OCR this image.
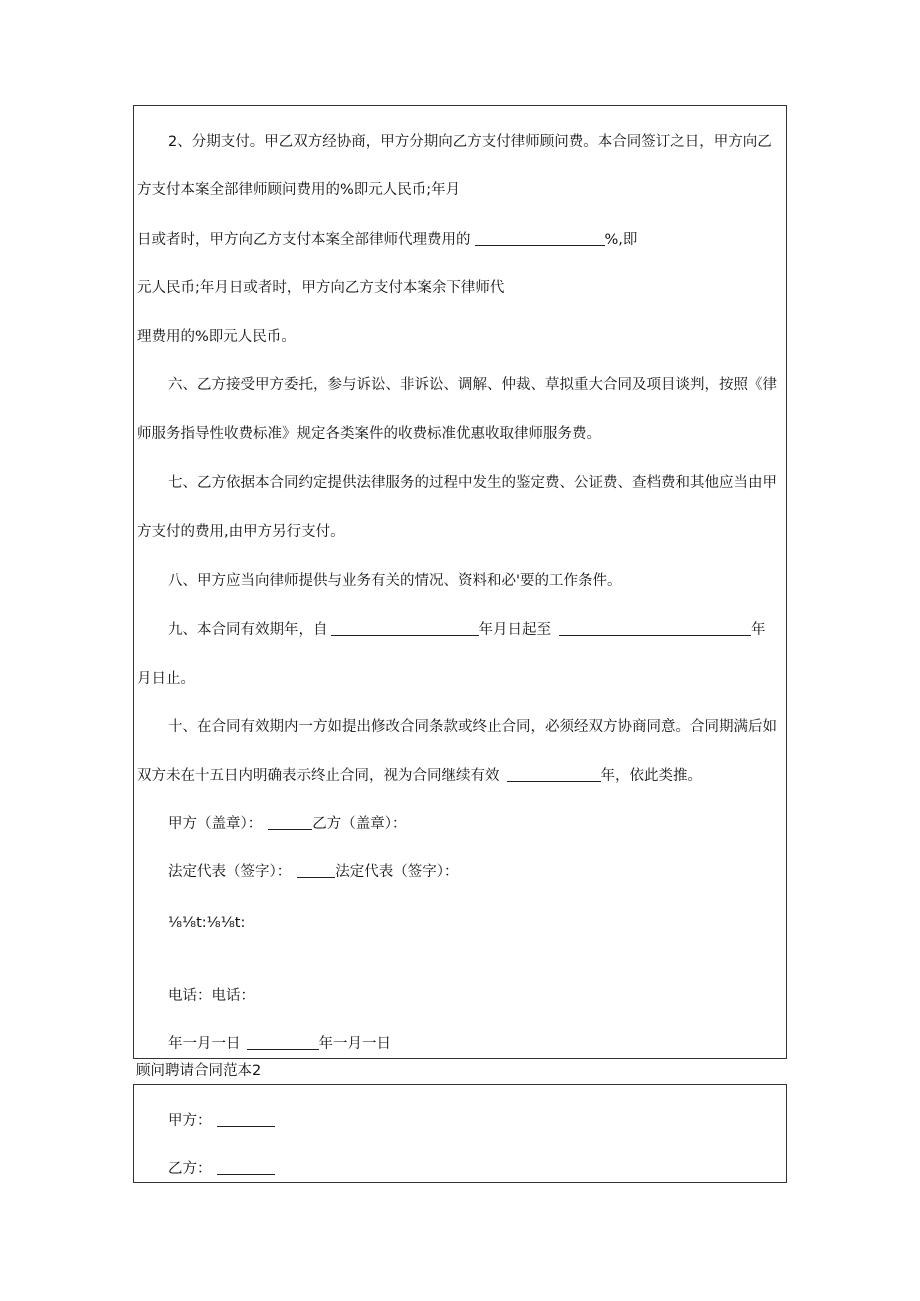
2、分期支付。甲乙双方经协商，甲方分期向乙方支付律师顾问费。本合同签订之日，甲方向乙
方支付本案全部律师顾问费用的%即元人民币;年月
日或者时，甲方向乙方支付本案全部律师代理费用的	%,即
元人民币;年月日或者时，甲方向乙方支付本案余下律师代
理费用的%即元人民币。
六、乙方接受甲方委托，参与诉讼、非诉讼、调解、仲裁、草拟重大合同及项目谈判，按照《律
师服务指导性收费标准》规定各类案件的收费标准优惠收取律师服务费。
七、乙方依据本合同约定提供法律服务的过程中发生的鉴定费、公证费、查档费和其他应当由甲
方支付的费用,由甲方另行支付。
八、甲方应当向律师提供与业务有关的情况、资料和必'要的工作条件。
九、本合同有效期年，自	年月日起至	年
月日止。
十、在合同有效期内一方如提出修改合同条款或终止合同，必须经双方协商同意。合同期满后如
双方未在十五日内明确表示终止合同，视为合同继续有效	年，依此类推。
甲方（盖章）：	乙方（盖章）：
法定代表（签字）：	法定代表（签字）：
⅛⅛t:⅛⅛t:
电话：电话：
年一月一日	年一月一日
顾问聘请合同范本2
甲方：
乙方：
